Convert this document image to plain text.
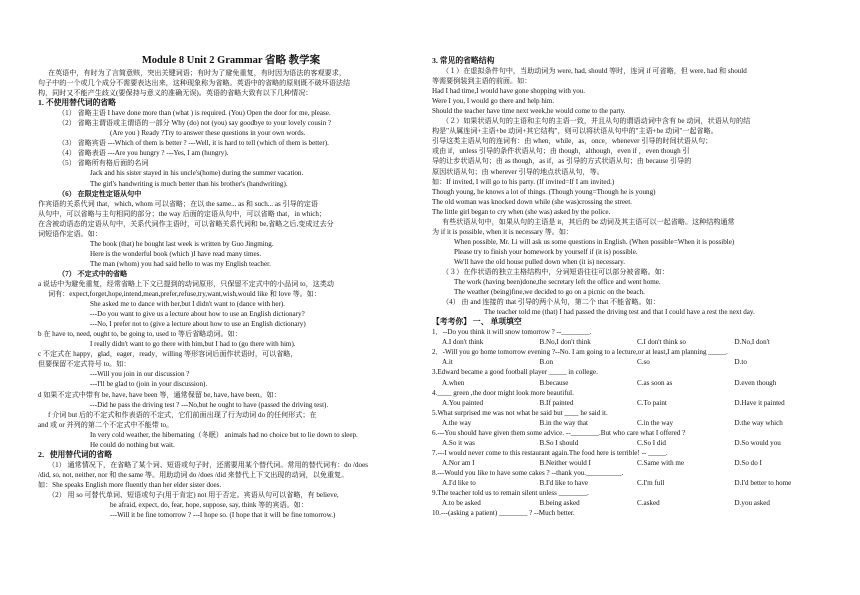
Module 8 Unit 2 Grammar 省略 教学案
在英语中，有时为了言简意赅，突出关键词语；有时为了避免重复，有时因为语法的客观要求，
句子中的一个或几个成分不需要表达出来，这种现象称为省略。英语中的省略的原则既不破坏语法结
构，同时又不能产生歧义(要保持与意义的准确无误)。英语的省略大致有以下几种情况：
1. 不使用替代词的省略
（1） 省略主语 I have done more than (what ) is required. (You) Open the door for me, please.
（2） 省略主谓语或主谓语的一部分 Why (do) not (you) say goodbye to your lovely cousin ?
(Are you ) Ready ?Try to answer these questions in your own words.
（3） 省略宾语 ---Which of them is better ? ---Well, it is hard to tell (which of them is better).
（4） 省略表语 ---Are you hungry ? ---Yes, I am (hungry).
（5） 省略所有格后面的名词
Jack and his sister stayed in his uncle's(home) during the summer vacation.
The girl's handwriting is much better than his brother's (handwriting).
（6） 在限定性定语从句中
作宾语的关系代词 that，which, whom 可以省略；在以 the same... as 和 such... as 引导的定语
从句中，可以省略与主句相同的部分；the way 后面的定语从句中，可以省略 that，in which；
在含被动语态的定语从句中，关系代词作主语时，可以省略关系代词和 be,省略之后,变成过去分
词短语作定语。如：
The book (that) he bought last week is written by Guo Jingming.
Here is the wonderful book (which )I have read many times.
The man (whom) you had said hello to was my English teacher.
（7） 不定式中的省略
a 说话中为避免重复，经常省略上下文已提到的动词原形，只保留不定式中的小品词 to，这类动
词有：expect,forget,hope,intend,mean,prefer,refuse,try,want,wish,would like 和 love 等。如：
She asked me to dance with her,but I didn't want to (dance with her).
---Do you want to give us a lecture about how to use an English dictionary?
---No, I prefer not to (give a lecture about how to use an English dictionary)
b 在 have to, need, ought to, be going to, used to 等后省略动词。如：
I really didn't want to go there with him,but I had to (go there with him).
c 不定式在 happy，glad，eager，ready，willing 等形容词后面作状语时，可以省略，
但要保留不定式符号 to。如：
---Will you join in our discussion ?
---I'll be glad to (join in your discussion).
d 如果不定式中带有 be, have, have been 等，通常保留 be, have, have been。如：
---Did he pass the driving test ? ---No,but he ought to have (passed the driving test).
f 介词 but 后的不定式和作表语的不定式，它们前面出现了行为动词 do 的任何形式；在
and 或 or 并列的第二个不定式中不能带 to。
In very cold weather, the hibernating（冬眠） animals had no choice but to lie down to sleep.
He could do nothing but wait.
2．使用替代词的省略
（1） 通常情况下，在省略了某个词、短语或句子时，还需要用某个替代词。常用的替代词有：do /does
/did, so, not, neither, nor 和 the same 等。用助动词 do /does /did 来替代上下文出现的动词，以免重复。
如：She speaks English more fluently than her elder sister does.
（2） 用 so 可替代单词、短语或句子(用于肯定) not 用于否定。宾语从句可以省略，有 believe,
be afraid, expect, do, fear, hope, suppose, say, think 等的宾语。如：
---Will it be fine tomorrow ? ---I hope so. (I hope that it will be fine tomorrow.)
3. 常见的省略结构
（１）在虚拟条件句中，当助动词为 were, had, should 等时，连词 if 可省略，但 were, had 和 should
等需要倒装到主语的前面。如：
Had I had time,I would have gone shopping with you.
Were I you, I would go there and help him.
Should the teacher have time next week,he would come to the party.
（２）如果状语从句的主语和主句的主语一致，并且从句的谓语动词中含有 be 动词，状语从句的结
构是"从属连词+主语+be 动词+其它结构"，则可以将状语从句中的"主语+be 动词"一起省略。
引导这类主语从句的连词有：由 when，while，as，once，whenever 引导的时间状语从句；
或由 if，unless 引导的条件状语从句；由 though，although，even if ，even though 引
导的让步状语从句；由 as though，as if，as 引导的方式状语从句；由 because 引导的
原因状语从句；由 wherever 引导的地点状语从句，等。
如：If invited, I will go to his party. (If invited=If I am invited.)
Though young, he knows a lot of things. (Though young=Though he is young)
The old woman was knocked down while (she was)crossing the street.
The little girl began to cry when (she was) asked by the police.
有些状语从句中，如果从句的主语是 it，其后的 be 动词及其主语可以一起省略。这种结构通常
为 if it is possible, when it is necessary 等。如：
When possible, Mr. Li will ask us some questions in English. (When possible=When it is possible)
Please try to finish your homework by yourself if (it is) possible.
We'll have the old house pulled down when (it is) necessary.
（３）在作状语的独立主格结构中，分词短语往往可以部分被省略。如：
The work (having been)done,the secretary left the office and went home.
The weather (being)fine,we decided to go on a picnic on the beach.
（4） 由 and 连接的 that 引导的两个从句，第二个 that 不能省略。如：
The teacher told me (that) I had passed the driving test and that I could have a rest the next day.
【考考你】 一、 单项填空
1．--Do you think it will snow tomorrow ? --________.
A.I don't think	B.No,I don't think	C.I don't think so	D.No,I don't
2．-Will you go home tomorrow evening ?--No. I am going to a lecture,or at least,I am planning _____.
A.it	B.on	C.so	D.to
3.Edward became a good football player _____ in college.
A.when	B.because	C.as soon as	D.even though
4.____ green ,the door might look more beautiful.
A.You painted	B.If painted	C.To paint	D.Have it painted
5.What surprised me was not what he said but ____ he said it.
A.the way	B.in the way that	C.in the way	D.the way which
6.---You should have given them some advice. --________.But who care what I offered ?
A.So it was	B.So I should	C.So I did	D.So would you
7.---I would never come to this restaurant again.The food here is terrible! -- _____.
A.Nor am I	B.Neither would I	C.Same with me	D.So do I
8.---Would you like to have some cakes ? --thank you.__________.
A.I'd like to	B.I'd like to have	C.I'm full	D.I'd better to home
9.The teacher told us to remain silent unless ________.
A.to be asked	B.being asked	C.asked	D.you asked
10.---(asking a patient) ________ ? --Much better.
